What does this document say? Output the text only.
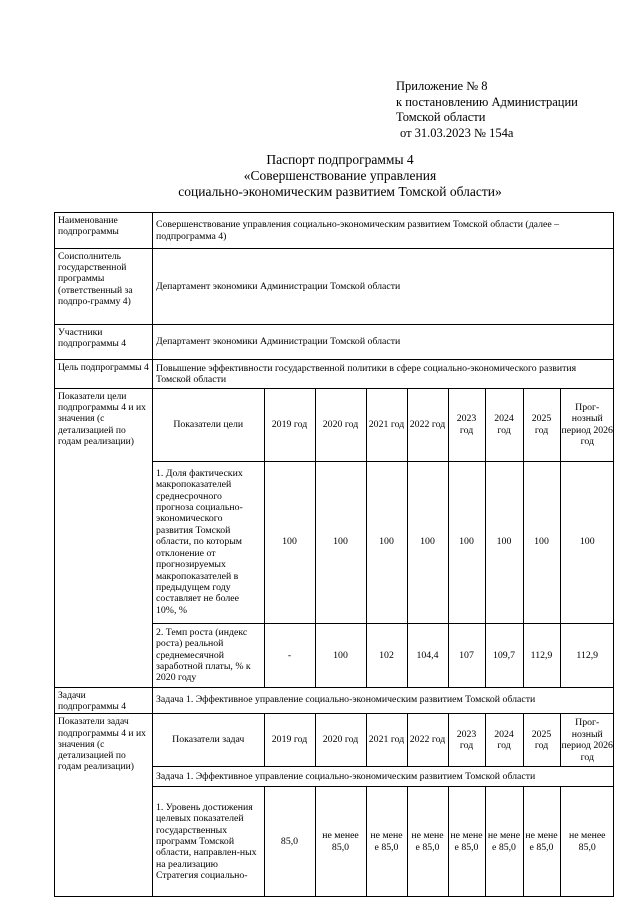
Приложение № 8
к постановлению Администрации
Томской области
от 31.03.2023 № 154а
Паспорт подпрограммы 4
«Совершенствование управления
социально-экономическим развитием Томской области»
Наименование подпрограммы	
Совершенствование управления социально-экономическим развитием Томской области (далее – подпрограмма 4)

Соисполнитель государственной программы (ответственный за подпро-грамму 4)	
Департамент экономики Администрации Томской области

Участники подпрограммы 4	Департамент экономики Администрации Томской области

Цель подпрограммы 4	Повышение эффективности государственной политики в сфере социально-экономического развития Томской области

Показатели цели подпрограммы 4 и их значения (с детализацией по годам реализации)	
Показатели цели	2019 год	2020 год	2021 год	2022 год	2023 год	2024 год	2025 год	Прог-нозный период 2026 год
1. Доля фактических макропоказателей среднесрочного прогноза социально-экономического развития Томской области, по которым отклонение от прогнозируемых макропоказателей в предыдущем году составляет не более 10%, %	100	100	100	100	100	100	100	100
2. Темп роста (индекс роста) реальной среднемесячной заработной платы, % к 2020 году	-	100	102	104,4	107	109,7	112,9	112,9

Задачи подпрограммы 4	
Задача 1. Эффективное управление социально-экономическим развитием Томской области

Показатели задач подпрограммы 4 и их значения (с детализацией по годам реализации)	
Показатели задач	2019 год	2020 год	2021 год	2022 год	2023 год	2024 год	2025 год	Прог-нозный период 2026 год
Задача 1. Эффективное управление социально-экономическим развитием Томской области
1. Уровень достижения целевых показателей государственных программ Томской области, направлен-ных на реализацию Стратегия социально-	85,0	не менее 85,0	не мене е 85,0	не мене е 85,0	не мене е 85,0	не мене е 85,0	не мене е 85,0	не менее 85,0
